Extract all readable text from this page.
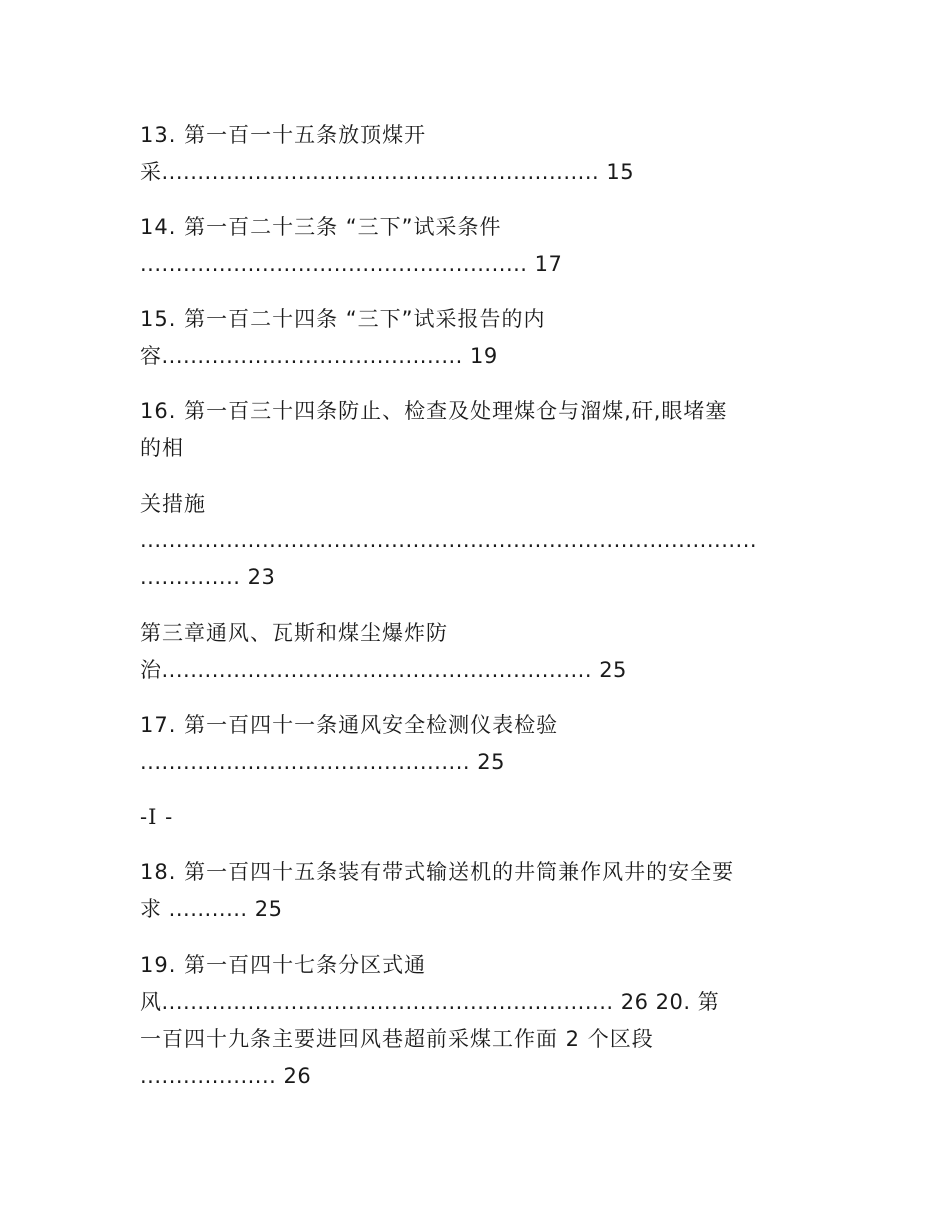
13. 第一百一十五条放顶煤开
采............................................................. 15
14. 第一百二十三条 “三下”试采条件
...................................................... 17
15. 第一百二十四条 “三下”试采报告的内
容.......................................... 19
16. 第一百三十四条防止、检查及处理煤仓与溜煤,矸,眼堵塞
的相
关措施
......................................................................................
.............. 23
第三章通风、瓦斯和煤尘爆炸防
治............................................................ 25
17. 第一百四十一条通风安全检测仪表检验
.............................................. 25
-I -
18. 第一百四十五条装有带式输送机的井筒兼作风井的安全要
求 ........... 25
19. 第一百四十七条分区式通
风............................................................... 26 20. 第
一百四十九条主要进回风巷超前采煤工作面 2 个区段
................... 26
